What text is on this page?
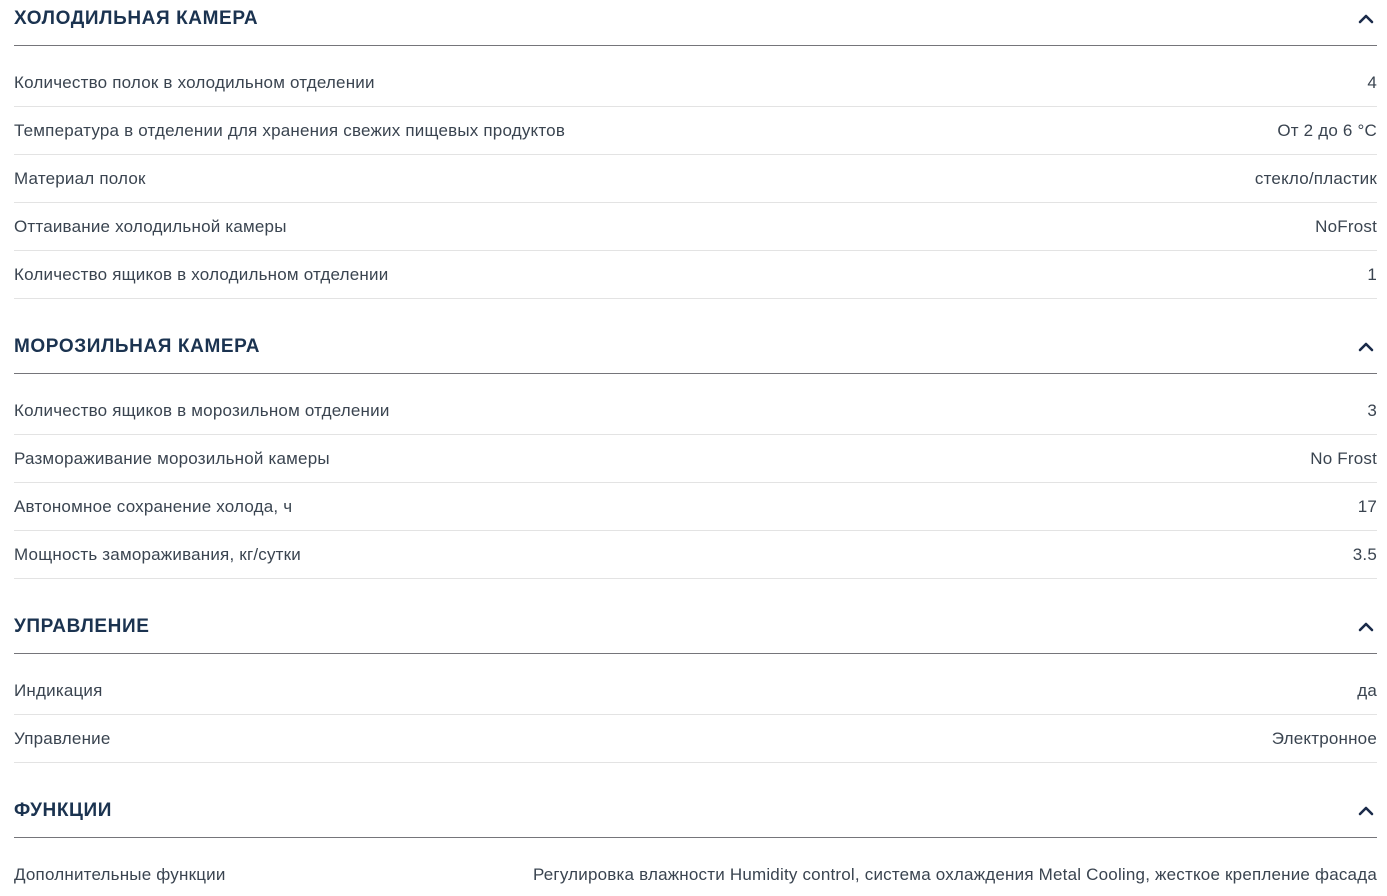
ХОЛОДИЛЬНАЯ КАМЕРА
Количество полок в холодильном отделении	4
Температура в отделении для хранения свежих пищевых продуктов	От 2 до 6 °C
Материал полок	стекло/пластик
Оттаивание холодильной камеры	NoFrost
Количество ящиков в холодильном отделении	1
МОРОЗИЛЬНАЯ КАМЕРА
Количество ящиков в морозильном отделении	3
Размораживание морозильной камеры	No Frost
Автономное сохранение холода, ч	17
Мощность замораживания, кг/сутки	3.5
УПРАВЛЕНИЕ
Индикация	да
Управление	Электронное
ФУНКЦИИ
Дополнительные функции	Регулировка влажности Humidity control, система охлаждения Metal Cooling, жесткое крепление фасада
